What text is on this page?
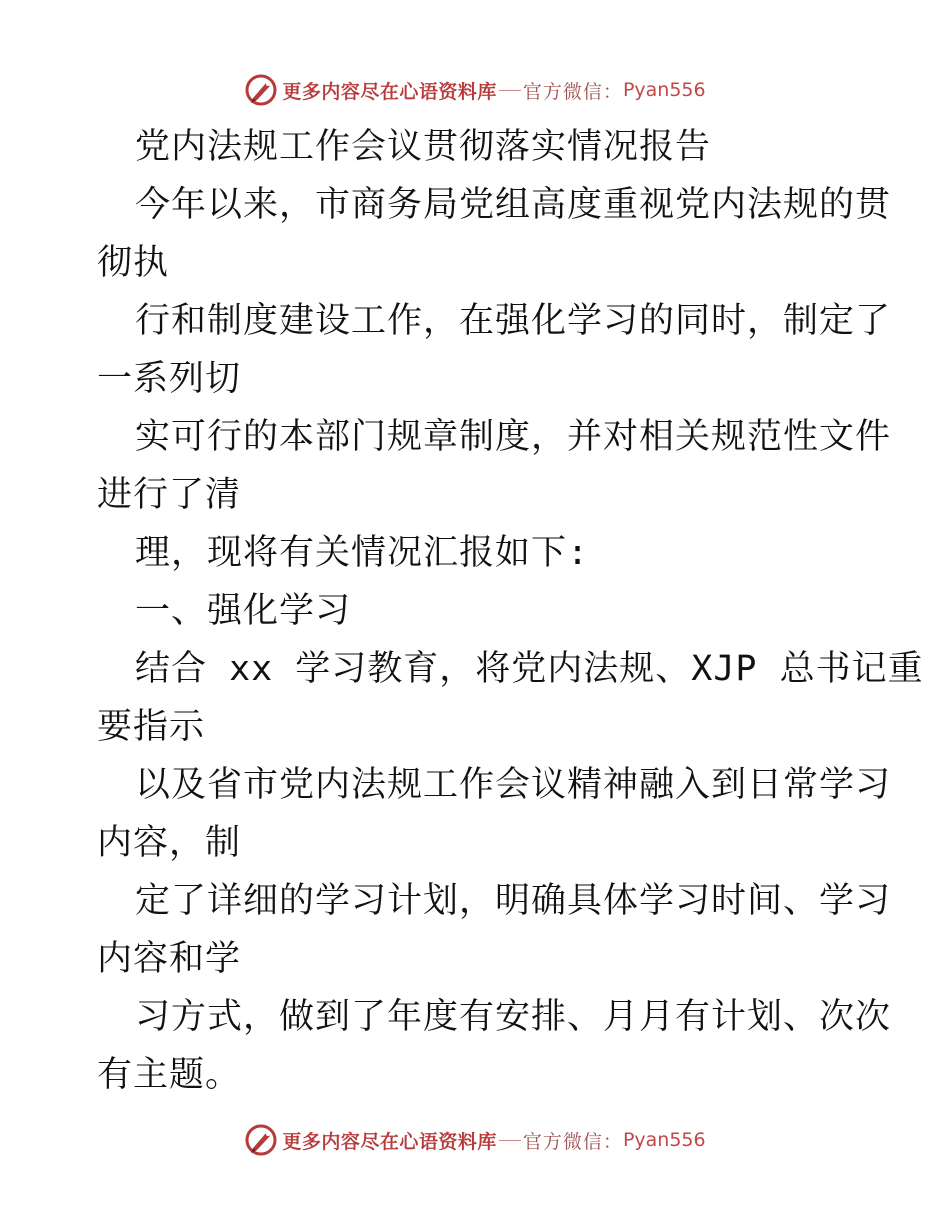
更多内容尽在心语资料库 官方微信： Pyan556
党内法规工作会议贯彻落实情况报告
今年以来，市商务局党组高度重视党内法规的贯
彻执
行和制度建设工作，在强化学习的同时，制定了
一系列切
实可行的本部门规章制度，并对相关规范性文件
进行了清
理，现将有关情况汇报如下:
一、强化学习
结合 xx 学习教育，将党内法规、XJP 总书记重
要指示
以及省市党内法规工作会议精神融入到日常学习
内容，制
定了详细的学习计划，明确具体学习时间、学习
内容和学
习方式，做到了年度有安排、月月有计划、次次
有主题。
更多内容尽在心语资料库 官方微信： Pyan556
